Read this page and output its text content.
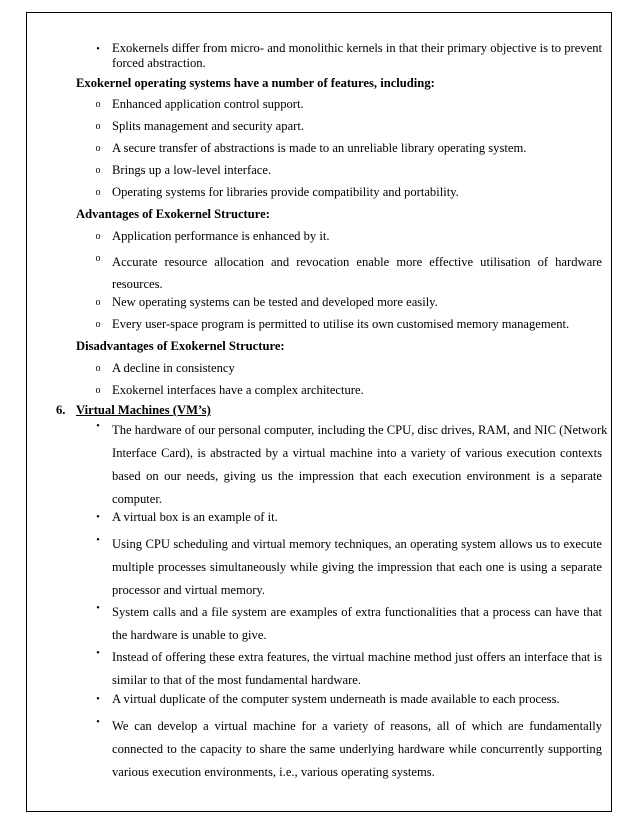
• Exokernels differ from micro- and monolithic kernels in that their primary objective is to prevent
forced abstraction.
Exokernel operating systems have a number of features, including:
o Enhanced application control support.
o Splits management and security apart.
o A secure transfer of abstractions is made to an unreliable library operating system.
o Brings up a low-level interface.
o Operating systems for libraries provide compatibility and portability.
Advantages of Exokernel Structure:
o Application performance is enhanced by it.
o Accurate resource allocation and revocation enable more effective utilisation of hardware
resources.
o New operating systems can be tested and developed more easily.
o Every user-space program is permitted to utilise its own customised memory management.
Disadvantages of Exokernel Structure:
o A decline in consistency
o Exokernel interfaces have a complex architecture.
6. Virtual Machines (VM’s)
• The hardware of our personal computer, including the CPU, disc drives, RAM, and NIC (Network
Interface Card), is abstracted by a virtual machine into a variety of various execution contexts
based on our needs, giving us the impression that each execution environment is a separate
computer.
• A virtual box is an example of it.
• Using CPU scheduling and virtual memory techniques, an operating system allows us to execute
multiple processes simultaneously while giving the impression that each one is using a separate
processor and virtual memory.
• System calls and a file system are examples of extra functionalities that a process can have that
the hardware is unable to give.
• Instead of offering these extra features, the virtual machine method just offers an interface that is
similar to that of the most fundamental hardware.
• A virtual duplicate of the computer system underneath is made available to each process.
• We can develop a virtual machine for a variety of reasons, all of which are fundamentally
connected to the capacity to share the same underlying hardware while concurrently supporting
various execution environments, i.e., various operating systems.
